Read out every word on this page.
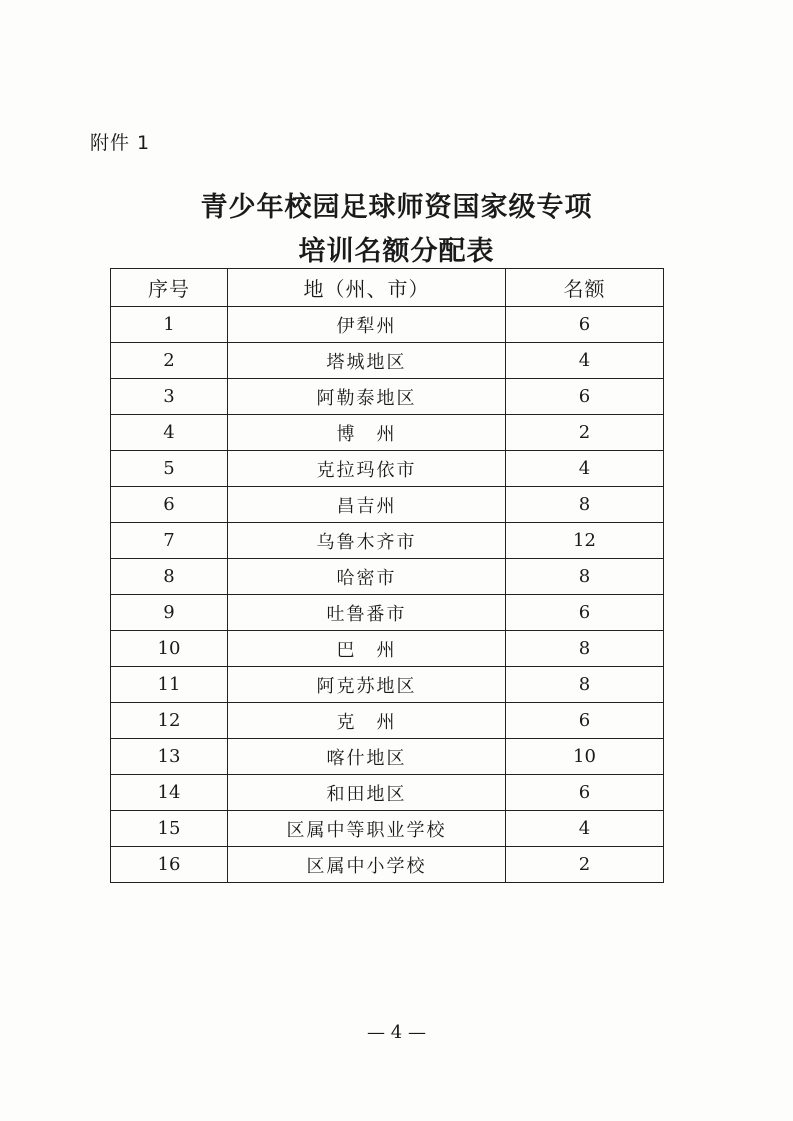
附件 1
青少年校园足球师资国家级专项
培训名额分配表
序号	地（州、市）	名额
1	伊犁州	6
2	塔城地区	4
3	阿勒泰地区	6
4	博　州	2
5	克拉玛依市	4
6	昌吉州	8
7	乌鲁木齐市	12
8	哈密市	8
9	吐鲁番市	6
10	巴　州	8
11	阿克苏地区	8
12	克　州	6
13	喀什地区	10
14	和田地区	6
15	区属中等职业学校	4
16	区属中小学校	2
— 4 —
